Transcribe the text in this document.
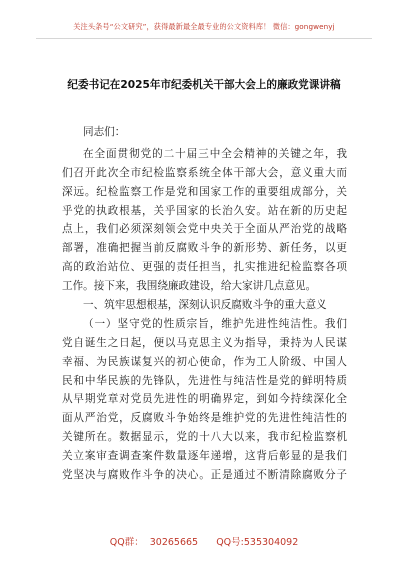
关注头条号“公文研究”，获得最新最全最专业的公文资料库！ 微信：gongwenyj
纪委书记在2025年市纪委机关干部大会上的廉政党课讲稿
同志们：
在全面贯彻党的二十届三中全会精神的关键之年，我
们召开此次全市纪检监察系统全体干部大会，意义重大而
深远。纪检监察工作是党和国家工作的重要组成部分，关
乎党的执政根基，关乎国家的长治久安。站在新的历史起
点上，我们必须深刻领会党中央关于全面从严治党的战略
部署，准确把握当前反腐败斗争的新形势、新任务，以更
高的政治站位、更强的责任担当，扎实推进纪检监察各项
工作。接下来，我围绕廉政建设，给大家讲几点意见。
一、筑牢思想根基，深刻认识反腐败斗争的重大意义
（一）坚守党的性质宗旨，维护先进性纯洁性。我们
党自诞生之日起，便以马克思主义为指导，秉持为人民谋
幸福、为民族谋复兴的初心使命，作为工人阶级、中国人
民和中华民族的先锋队，先进性与纯洁性是党的鲜明特质
从早期党章对党员先进性的明确界定，到如今持续深化全
面从严治党，反腐败斗争始终是维护党的先进性纯洁性的
关键所在。数据显示，党的十八大以来，我市纪检监察机
关立案审查调查案件数量逐年递增，这背后彰显的是我们
党坚决与腐败作斗争的决心。正是通过不断清除腐败分子
QQ群：  30265665      QQ号:535304092
